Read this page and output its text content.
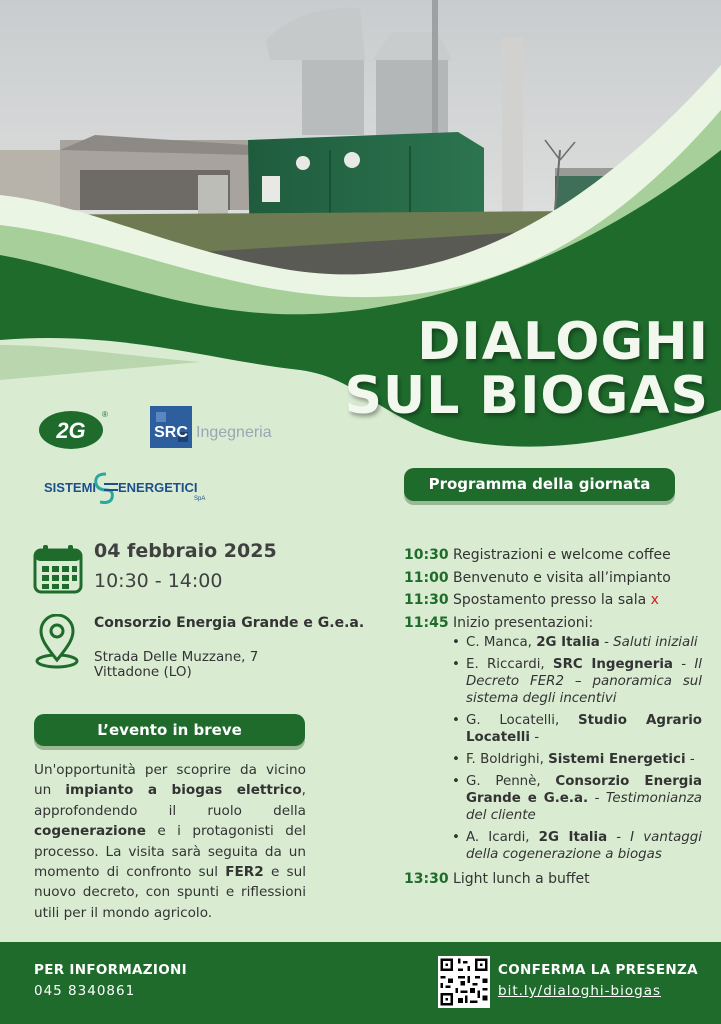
DIALOGHI
SUL BIOGAS
2G
®
SRC Ingegneria
SISTEMI ENERGETICI
SpA
Programma della giornata
L’evento in breve
04 febbraio 2025
10:30 - 14:00
Consorzio Energia Grande e G.e.a.
Strada Delle Muzzane, 7
Vittadone (LO)
Un'opportunità per scoprire da vicino un impianto a biogas elettrico, approfondendo il ruolo della cogenerazione e i protagonisti del processo. La visita sarà seguita da un momento di confronto sul FER2 e sul nuovo decreto, con spunti e riflessioni utili per il mondo agricolo.
10:30 Registrazioni e welcome coffee
11:00 Benvenuto e visita all’impianto
11:30 Spostamento presso la sala x
11:45 Inizio presentazioni:
• C. Manca, 2G Italia - Saluti iniziali
• E. Riccardi, SRC Ingegneria - Il Decreto FER2 – panoramica sul sistema degli incentivi
• G. Locatelli, Studio Agrario Locatelli -
• F. Boldrighi, Sistemi Energetici -
• G. Pennè, Consorzio Energia Grande e G.e.a. - Testimonianza del cliente
• A. Icardi, 2G Italia - I vantaggi della cogenerazione a biogas
13:30 Light lunch a buffet
PER INFORMAZIONI
045 8340861
CONFERMA LA PRESENZA
bit.ly/dialoghi-biogas
